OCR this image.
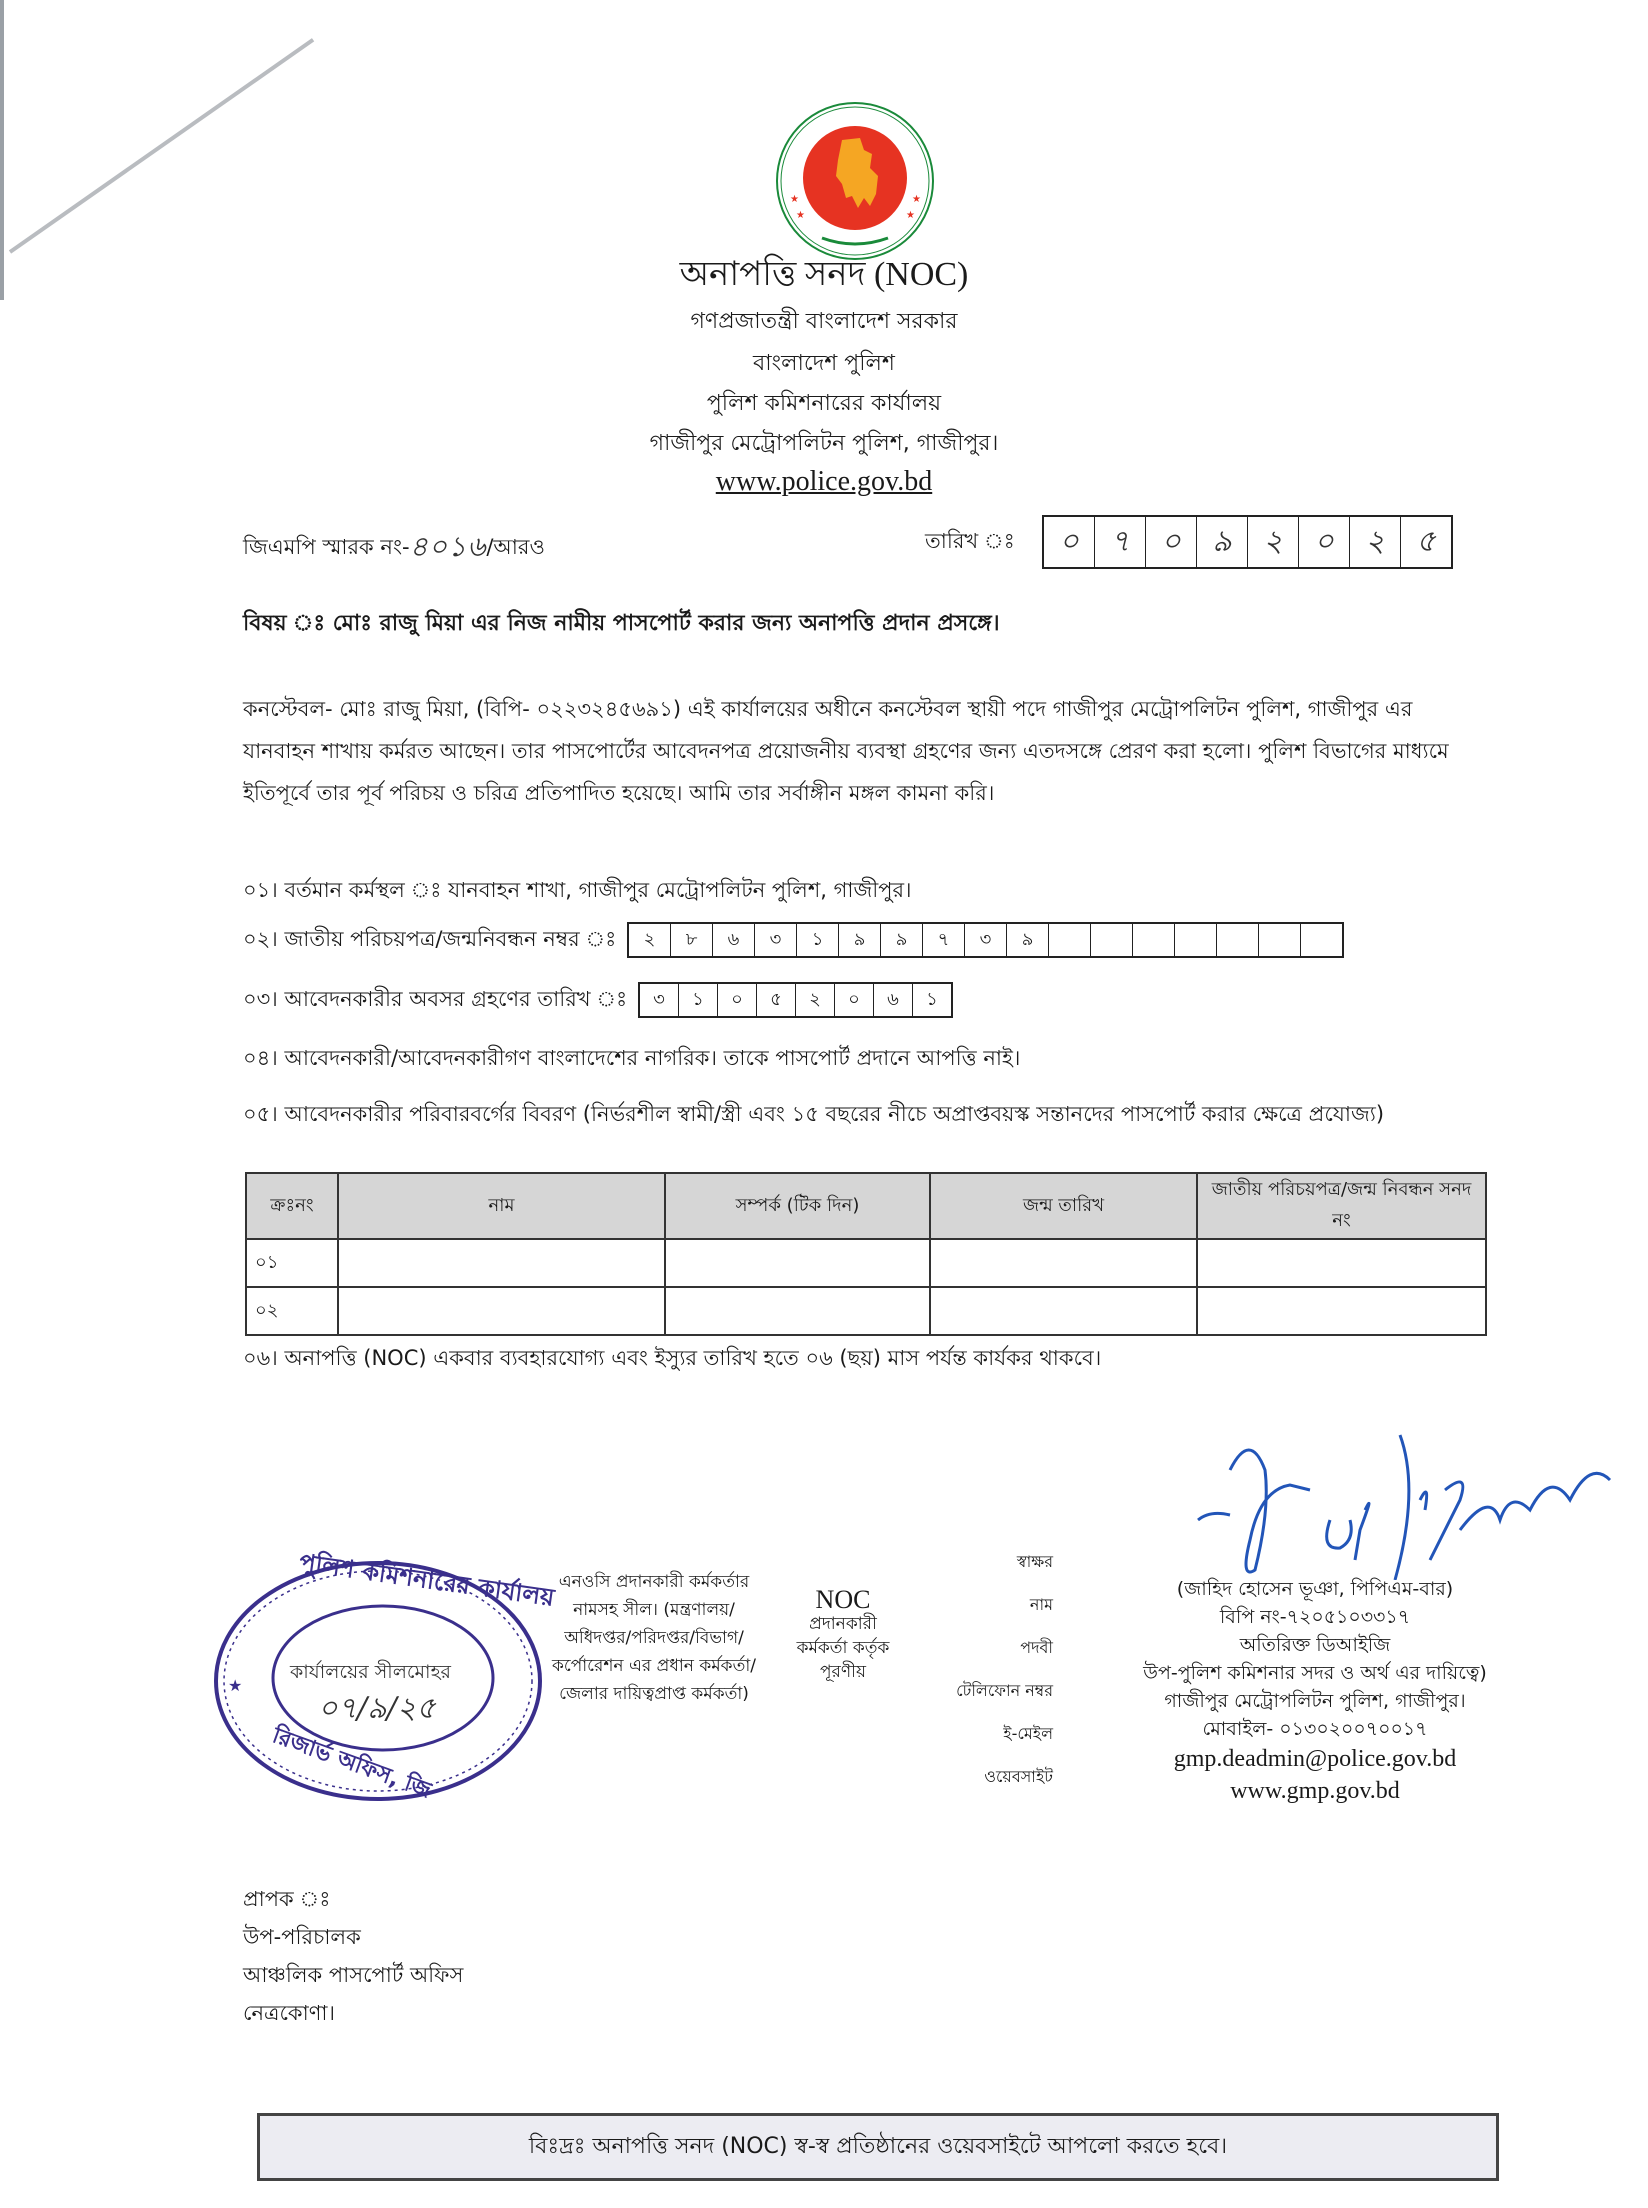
★	★
★	★
অনাপত্তি সনদ (NOC)
গণপ্রজাতন্ত্রী বাংলাদেশ সরকার
বাংলাদেশ পুলিশ
পুলিশ কমিশনারের কার্যালয়
গাজীপুর মেট্রোপলিটন পুলিশ, গাজীপুর।
www.police.gov.bd
জিএমপি স্মারক নং- ৪০১৬ /আরও	তারিখ ঃ	০	৭	০	৯	২	০	২	৫
বিষয় ঃ মোঃ রাজু মিয়া এর নিজ নামীয় পাসপোর্ট করার জন্য অনাপত্তি প্রদান প্রসঙ্গে।
কনস্টেবল- মোঃ রাজু মিয়া, (বিপি- ০২২৩২৪৫৬৯১) এই কার্যালয়ের অধীনে কনস্টেবল স্থায়ী পদে গাজীপুর মেট্রোপলিটন পুলিশ, গাজীপুর এর যানবাহন শাখায় কর্মরত আছেন। তার পাসপোর্টের আবেদনপত্র প্রয়োজনীয় ব্যবস্থা গ্রহণের জন্য এতদসঙ্গে প্রেরণ করা হলো। পুলিশ বিভাগের মাধ্যমে ইতিপূর্বে তার পূর্ব পরিচয় ও চরিত্র প্রতিপাদিত হয়েছে। আমি তার সর্বাঙ্গীন মঙ্গল কামনা করি।
০১। বর্তমান কর্মস্থল ঃ যানবাহন শাখা, গাজীপুর মেট্রোপলিটন পুলিশ, গাজীপুর।
০২। জাতীয় পরিচয়পত্র/জন্মনিবন্ধন নম্বর ঃ	২	৮	৬	৩	১	৯	৯	৭	৩	৯
০৩। আবেদনকারীর অবসর গ্রহণের তারিখ ঃ	৩	১	০	৫	২	০	৬	১
০৪। আবেদনকারী/আবেদনকারীগণ বাংলাদেশের নাগরিক। তাকে পাসপোর্ট প্রদানে আপত্তি নাই।
০৫। আবেদনকারীর পরিবারবর্গের বিবরণ (নির্ভরশীল স্বামী/স্ত্রী এবং ১৫ বছরের নীচে অপ্রাপ্তবয়স্ক সন্তানদের পাসপোর্ট করার ক্ষেত্রে প্রযোজ্য)
ক্রঃনং	নাম	সম্পর্ক (টিক দিন)	জন্ম তারিখ	জাতীয় পরিচয়পত্র/জন্ম নিবন্ধন সনদ নং
০১				
০২				
০৬। অনাপত্তি (NOC) একবার ব্যবহারযোগ্য এবং ইস্যুর তারিখ হতে ০৬ (ছয়) মাস পর্যন্ত কার্যকর থাকবে।
★
পুলিশ কমিশনারের কার্যালয়
রিজার্ভ অফিস, জি
কার্যালয়ের সীলমোহর
০৭/৯/২৫
এনওসি প্রদানকারী কর্মকর্তার নামসহ সীল। (মন্ত্রণালয়/অধিদপ্তর/পরিদপ্তর/বিভাগ/কর্পোরেশন এর প্রধান কর্মকর্তা/জেলার দায়িত্বপ্রাপ্ত কর্মকর্তা)
NOC
প্রদানকারী
কর্মকর্তা কর্তৃক
পূরণীয়
স্বাক্ষর
নাম
পদবী
টেলিফোন নম্বর
ই-মেইল
ওয়েবসাইট
(জাহিদ হোসেন ভূঞা, পিপিএম-বার)
বিপি নং-৭২০৫১০৩৩১৭
অতিরিক্ত ডিআইজি
উপ-পুলিশ কমিশনার সদর ও অর্থ এর দায়িত্বে)
গাজীপুর মেট্রোপলিটন পুলিশ, গাজীপুর।
মোবাইল- ০১৩০২০০৭০০১৭
gmp.deadmin@police.gov.bd
www.gmp.gov.bd
প্রাপক ঃ
উপ-পরিচালক
আঞ্চলিক পাসপোর্ট অফিস
নেত্রকোণা।
বিঃদ্রঃ অনাপত্তি সনদ (NOC) স্ব-স্ব প্রতিষ্ঠানের ওয়েবসাইটে আপলো করতে হবে।
